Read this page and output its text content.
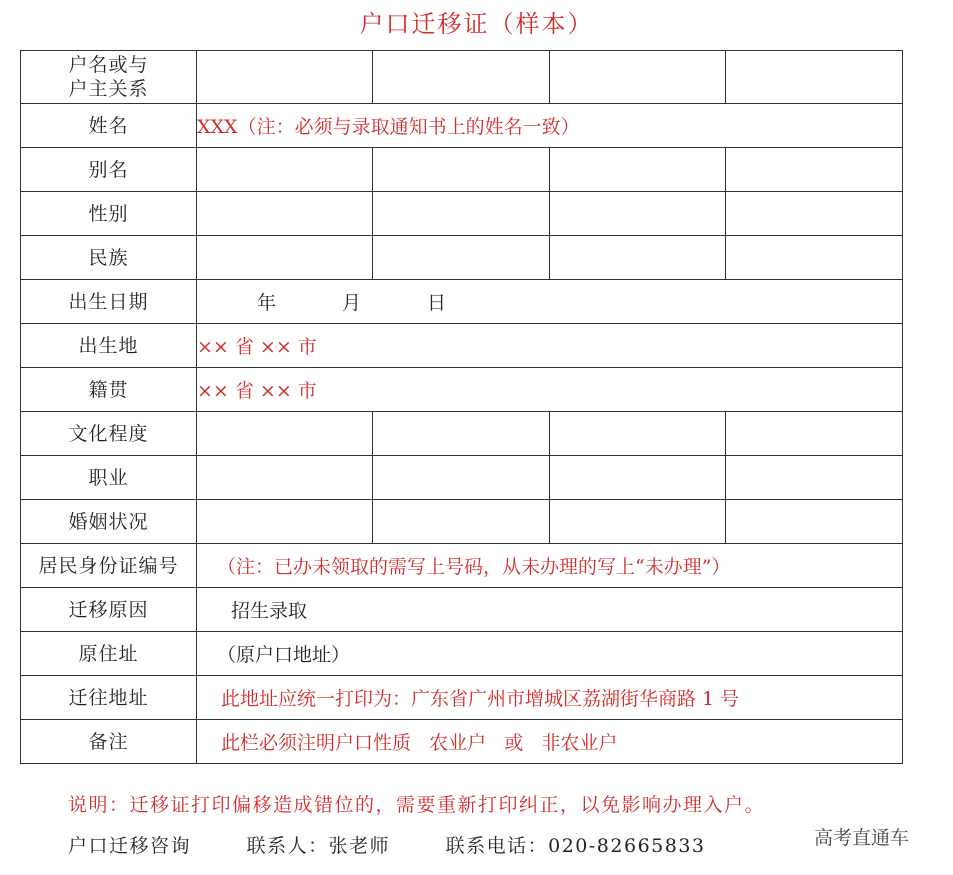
户口迁移证（样本）
户名或与
户主关系				

姓名	XXX（注：必须与录取通知书上的姓名一致）			
别名				
性别				
民族				
出生日期	年 月 日			

出生地	×× 省 ×× 市			
籍贯	×× 省 ×× 市			
文化程度				
职业				
婚姻状况				
居民身份证编号	（注：已办未领取的需写上号码，从未办理的写上“未办理”）			
迁移原因	招生录取			
原住址	（原户口地址）			
迁往地址	此地址应统一打印为：广东省广州市增城区荔湖街华商路 1 号			
备注	此栏必须注明户口性质   农业户   或   非农业户			
说明：迁移证打印偏移造成错位的，需要重新打印纠正，以免影响办理入户。
户口迁移咨询	联系人：张老师	联系电话：020-82665833	高考直通车
